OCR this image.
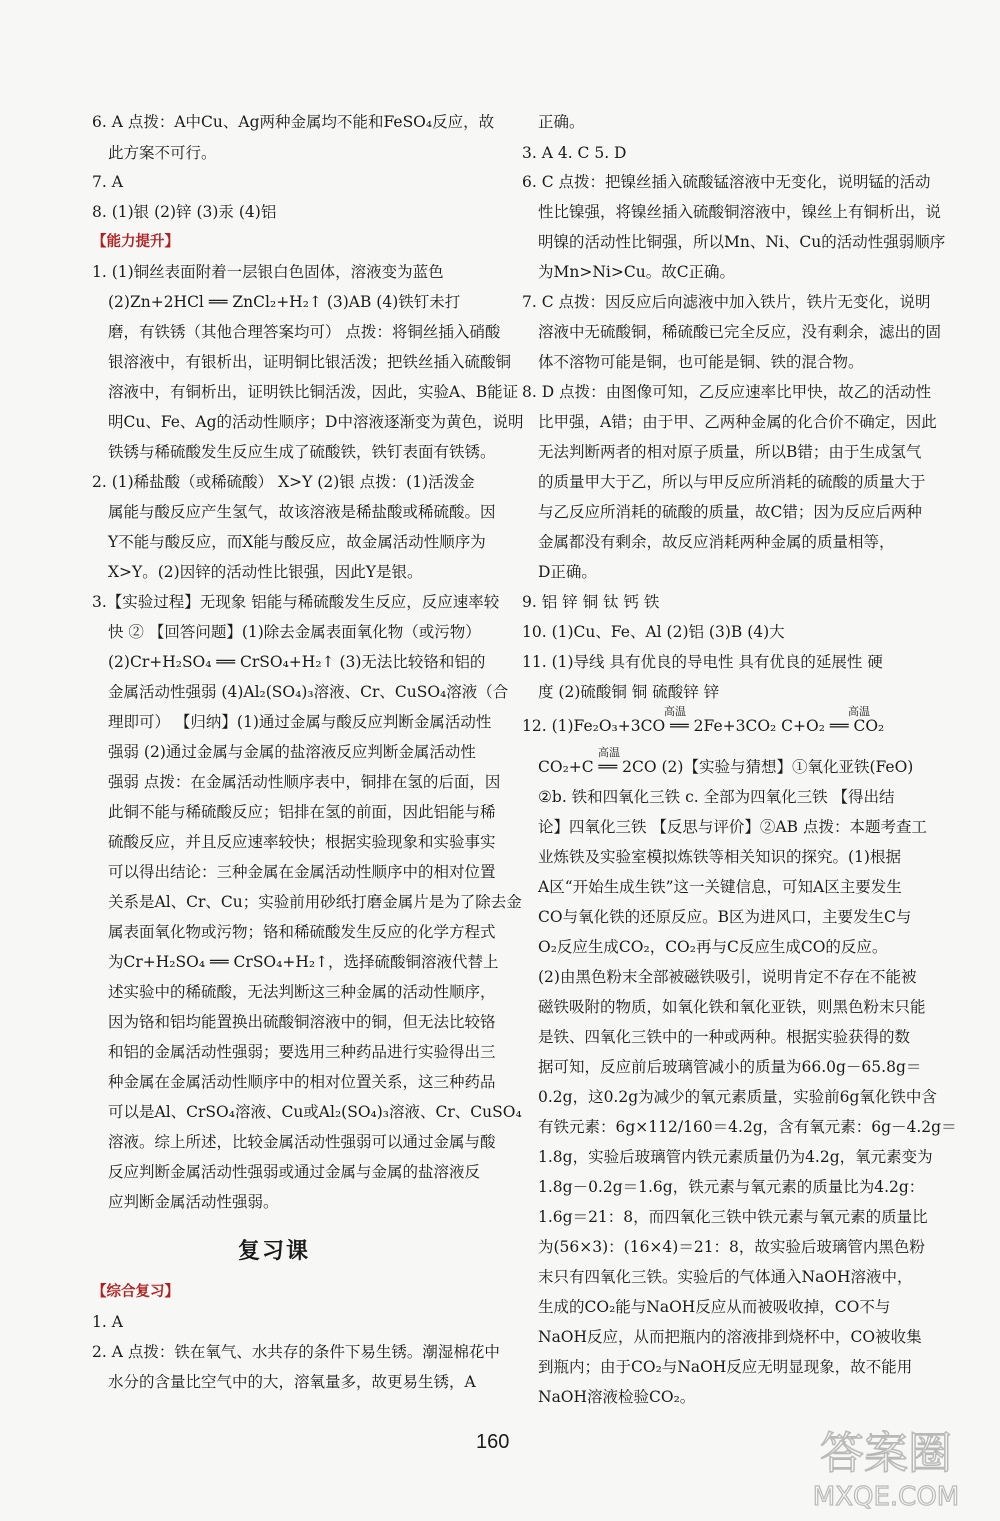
6. A 点拨：A中Cu、Ag两种金属均不能和FeSO₄反应，故
此方案不可行。
7. A
8. (1)银 (2)锌 (3)汞 (4)铝
【能力提升】
1. (1)铜丝表面附着一层银白色固体，溶液变为蓝色
(2)Zn+2HCl ══ ZnCl₂+H₂↑ (3)AB (4)铁钉未打
磨，有铁锈（其他合理答案均可） 点拨：将铜丝插入硝酸
银溶液中，有银析出，证明铜比银活泼；把铁丝插入硫酸铜
溶液中，有铜析出，证明铁比铜活泼，因此，实验A、B能证
明Cu、Fe、Ag的活动性顺序；D中溶液逐渐变为黄色，说明
铁锈与稀硫酸发生反应生成了硫酸铁，铁钉表面有铁锈。
2. (1)稀盐酸（或稀硫酸） X>Y (2)银 点拨：(1)活泼金
属能与酸反应产生氢气，故该溶液是稀盐酸或稀硫酸。因
Y不能与酸反应，而X能与酸反应，故金属活动性顺序为
X>Y。(2)因锌的活动性比银强，因此Y是银。
3.【实验过程】无现象 铝能与稀硫酸发生反应，反应速率较
快 ② 【回答问题】(1)除去金属表面氧化物（或污物）
(2)Cr+H₂SO₄ ══ CrSO₄+H₂↑ (3)无法比较铬和铝的
金属活动性强弱 (4)Al₂(SO₄)₃溶液、Cr、CuSO₄溶液（合
理即可） 【归纳】(1)通过金属与酸反应判断金属活动性
强弱 (2)通过金属与金属的盐溶液反应判断金属活动性
强弱 点拨：在金属活动性顺序表中，铜排在氢的后面，因
此铜不能与稀硫酸反应；铝排在氢的前面，因此铝能与稀
硫酸反应，并且反应速率较快；根据实验现象和实验事实
可以得出结论：三种金属在金属活动性顺序中的相对位置
关系是Al、Cr、Cu；实验前用砂纸打磨金属片是为了除去金
属表面氧化物或污物；铬和稀硫酸发生反应的化学方程式
为Cr+H₂SO₄ ══ CrSO₄+H₂↑，选择硫酸铜溶液代替上
述实验中的稀硫酸，无法判断这三种金属的活动性顺序，
因为铬和铝均能置换出硫酸铜溶液中的铜，但无法比较铬
和铝的金属活动性强弱；要选用三种药品进行实验得出三
种金属在金属活动性顺序中的相对位置关系，这三种药品
可以是Al、CrSO₄溶液、Cu或Al₂(SO₄)₃溶液、Cr、CuSO₄
溶液。综上所述，比较金属活动性强弱可以通过金属与酸
反应判断金属活动性强弱或通过金属与金属的盐溶液反
应判断金属活动性强弱。
【综合复习】
1. A
2. A 点拨：铁在氧气、水共存的条件下易生锈。潮湿棉花中
水分的含量比空气中的大，溶氧量多，故更易生锈，A
正确。
3. A 4. C 5. D
6. C 点拨：把镍丝插入硫酸锰溶液中无变化，说明锰的活动
性比镍强，将镍丝插入硫酸铜溶液中，镍丝上有铜析出，说
明镍的活动性比铜强，所以Mn、Ni、Cu的活动性强弱顺序
为Mn>Ni>Cu。故C正确。
7. C 点拨：因反应后向滤液中加入铁片，铁片无变化，说明
溶液中无硫酸铜，稀硫酸已完全反应，没有剩余，滤出的固
体不溶物可能是铜，也可能是铜、铁的混合物。
8. D 点拨：由图像可知，乙反应速率比甲快，故乙的活动性
比甲强，A错；由于甲、乙两种金属的化合价不确定，因此
无法判断两者的相对原子质量，所以B错；由于生成氢气
的质量甲大于乙，所以与甲反应所消耗的硫酸的质量大于
与乙反应所消耗的硫酸的质量，故C错；因为反应后两种
金属都没有剩余，故反应消耗两种金属的质量相等，
D正确。
9. 铝 锌 铜 钛 钙 铁
10. (1)Cu、Fe、Al (2)铝 (3)B (4)大
11. (1)导线 具有优良的导电性 具有优良的延展性 硬
度 (2)硫酸铜 铜 硫酸锌 锌
12. (1)Fe₂O₃+3CO ══ 2Fe+3CO₂ C+O₂ ══ CO₂
CO₂+C ══ 2CO (2)【实验与猜想】①氧化亚铁(FeO)
②b. 铁和四氧化三铁 c. 全部为四氧化三铁 【得出结
论】四氧化三铁 【反思与评价】②AB 点拨：本题考查工
业炼铁及实验室模拟炼铁等相关知识的探究。(1)根据
A区“开始生成生铁”这一关键信息，可知A区主要发生
CO与氧化铁的还原反应。B区为进风口，主要发生C与
O₂反应生成CO₂，CO₂再与C反应生成CO的反应。
(2)由黑色粉末全部被磁铁吸引，说明肯定不存在不能被
磁铁吸附的物质，如氧化铁和氧化亚铁，则黑色粉末只能
是铁、四氧化三铁中的一种或两种。根据实验获得的数
据可知，反应前后玻璃管减小的质量为66.0g－65.8g＝
0.2g，这0.2g为减少的氧元素质量，实验前6g氧化铁中含
有铁元素：6g×112/160＝4.2g，含有氧元素：6g－4.2g＝
1.8g，实验后玻璃管内铁元素质量仍为4.2g，氧元素变为
1.8g－0.2g＝1.6g，铁元素与氧元素的质量比为4.2g：
1.6g＝21：8，而四氧化三铁中铁元素与氧元素的质量比
为(56×3)：(16×4)＝21：8，故实验后玻璃管内黑色粉
末只有四氧化三铁。实验后的气体通入NaOH溶液中，
生成的CO₂能与NaOH反应从而被吸收掉，CO不与
NaOH反应，从而把瓶内的溶液排到烧杯中，CO被收集
到瓶内；由于CO₂与NaOH反应无明显现象，故不能用
NaOH溶液检验CO₂。
复习课
高温	高温
高温
160	答案圈
MXQE.COM
